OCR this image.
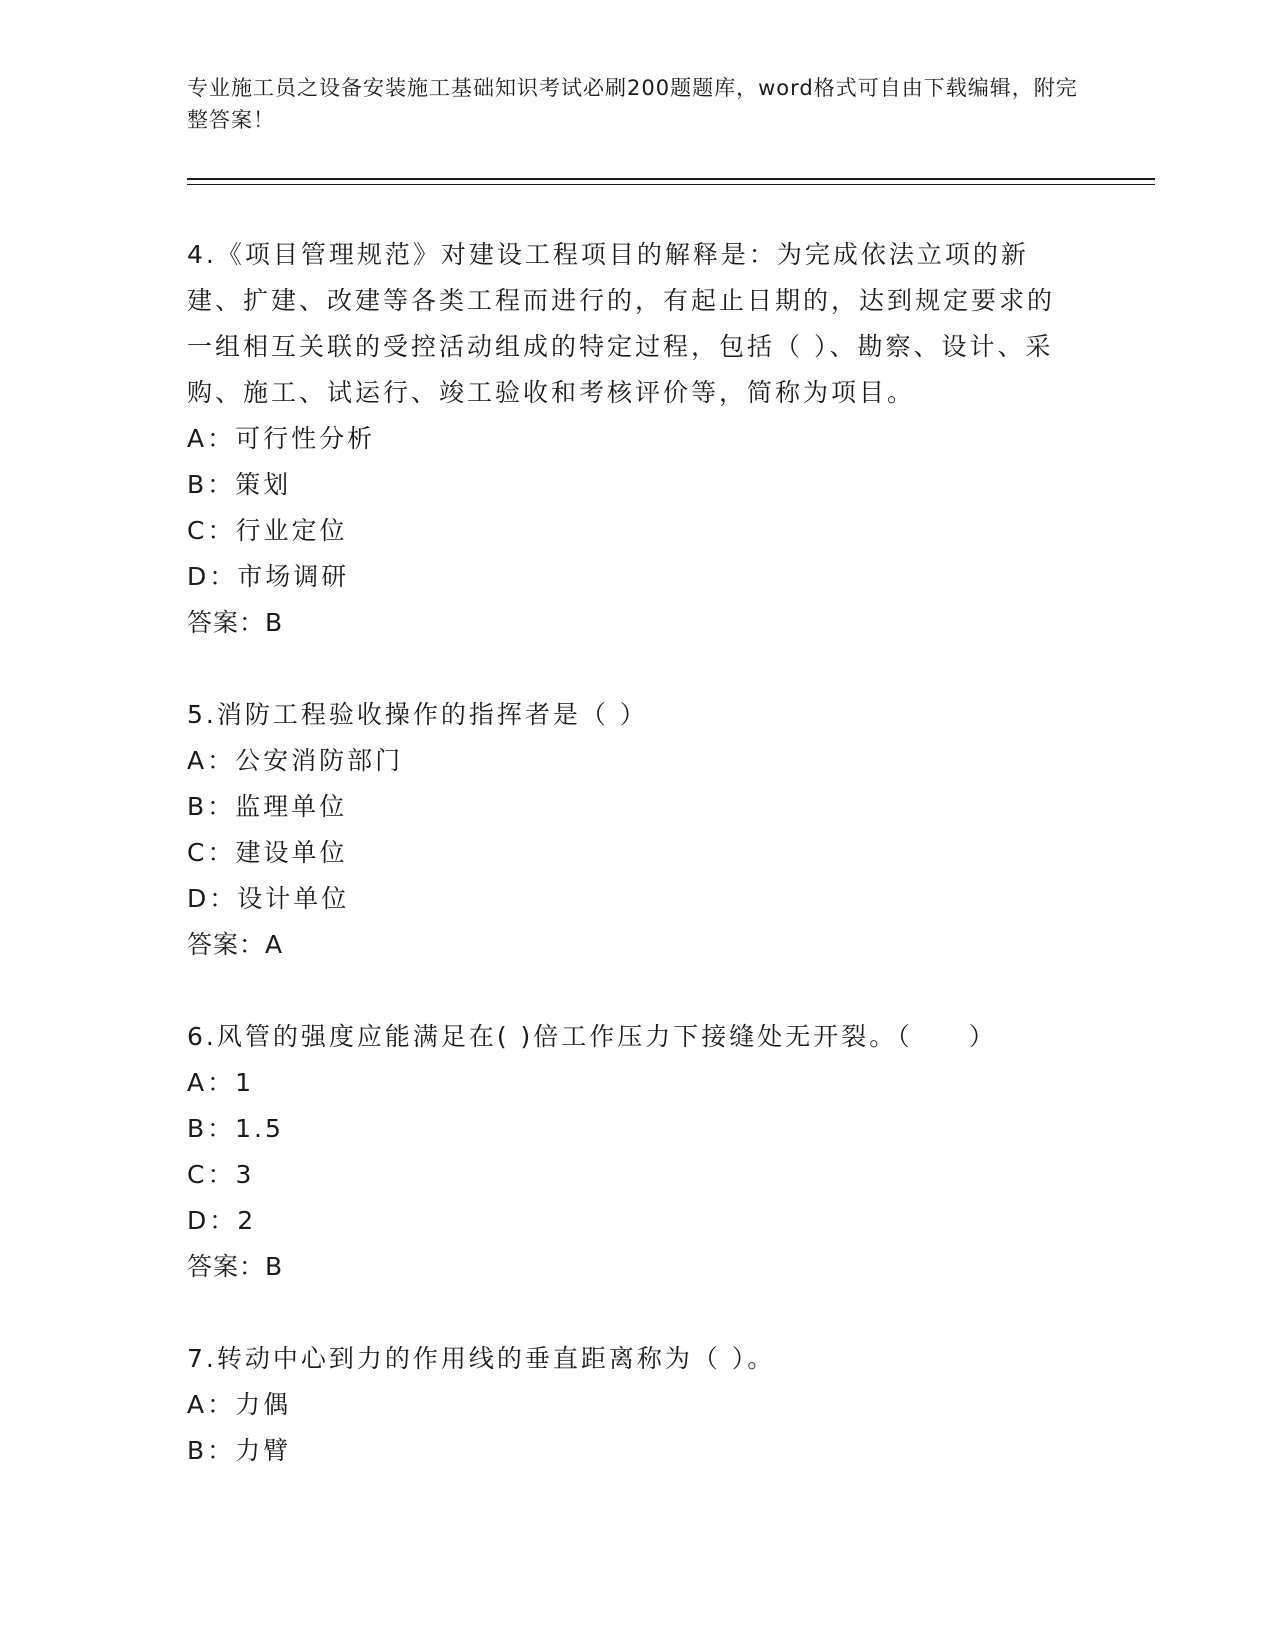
专业施工员之设备安装施工基础知识考试必刷200题题库，word格式可自由下载编辑，附完整答案！
4.《项目管理规范》对建设工程项目的解释是：为完成依法立项的新建、扩建、改建等各类工程而进行的，有起止日期的，达到规定要求的一组相互关联的受控活动组成的特定过程，包括（ ）、勘察、设计、采购、施工、试运行、竣工验收和考核评价等，简称为项目。
A：可行性分析
B：策划
C：行业定位
D：市场调研
答案：B
5.消防工程验收操作的指挥者是（ ）
A：公安消防部门
B：监理单位
C：建设单位
D：设计单位
答案：A
6.风管的强度应能满足在( )倍工作压力下接缝处无开裂。（　　）
A：1
B：1.5
C：3
D：2
答案：B
7.转动中心到力的作用线的垂直距离称为（ ）。
A：力偶
B：力臂
